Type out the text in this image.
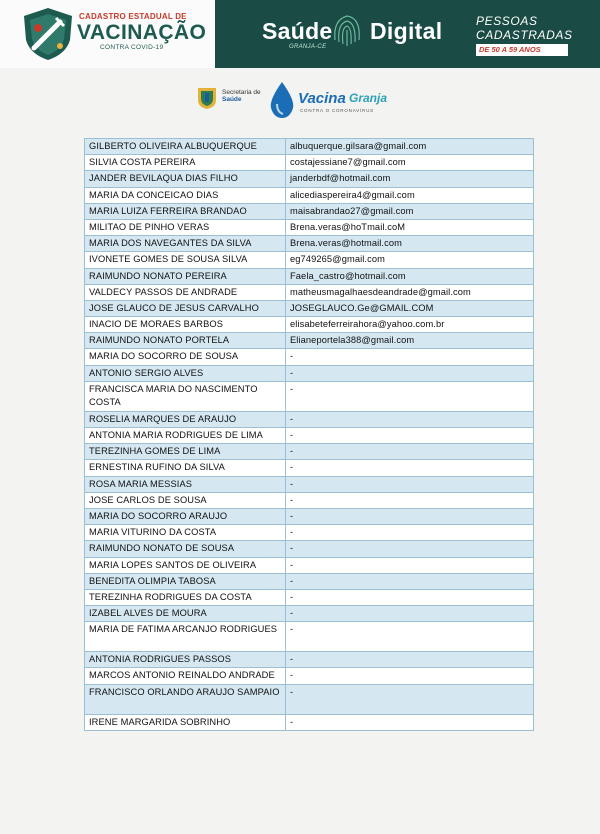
CADASTRO ESTADUAL DE
VACINAÇÃO
CONTRA COVID-19
Saúde Digital
GRANJA-CE
PESSOAS
CADASTRADAS
DE 50 A 59 ANOS
Secretaria de
Saúde	Vacina Granja
CONTRA O CORONAVÍRUS
GILBERTO OLIVEIRA ALBUQUERQUE	albuquerque.gilsara@gmail.com
SILVIA COSTA PEREIRA	costajessiane7@gmail.com
JANDER BEVILAQUA DIAS FILHO	janderbdf@hotmail.com
MARIA DA CONCEICAO DIAS	alicediaspereira4@gmail.com
MARIA LUIZA FERREIRA BRANDAO	maisabrandao27@gmail.com
MILITAO DE PINHO VERAS	Brena.veras@hoTmail.coM
MARIA DOS NAVEGANTES DA SILVA	Brena.veras@hotmail.com
IVONETE GOMES DE SOUSA SILVA	eg749265@gmail.com
RAIMUNDO NONATO PEREIRA	Faela_castro@hotmail.com
VALDECY PASSOS DE ANDRADE	matheusmagalhaesdeandrade@gmail.com
JOSE GLAUCO DE JESUS CARVALHO	JOSEGLAUCO.Ge@GMAIL.COM
INACIO DE MORAES BARBOS	elisabeteferreirahora@yahoo.com.br
RAIMUNDO NONATO PORTELA	Elianeportela388@gmail.com
MARIA DO SOCORRO DE SOUSA	-
ANTONIO SERGIO ALVES	-
FRANCISCA MARIA DO NASCIMENTO COSTA	-
ROSELIA MARQUES DE ARAUJO	-
ANTONIA MARIA RODRIGUES DE LIMA	-
TEREZINHA GOMES DE LIMA	-
ERNESTINA RUFINO DA SILVA	-
ROSA MARIA MESSIAS	-
JOSE CARLOS DE SOUSA	-
MARIA DO SOCORRO ARAUJO	-
MARIA VITURINO DA COSTA	-
RAIMUNDO NONATO DE SOUSA	-
MARIA LOPES SANTOS DE OLIVEIRA	-
BENEDITA OLIMPIA TABOSA	-
TEREZINHA RODRIGUES DA COSTA	-
IZABEL ALVES DE MOURA	-
MARIA DE FATIMA ARCANJO RODRIGUES	-
ANTONIA RODRIGUES PASSOS	-
MARCOS ANTONIO REINALDO ANDRADE	-
FRANCISCO ORLANDO ARAUJO SAMPAIO	-
IRENE MARGARIDA SOBRINHO	-
